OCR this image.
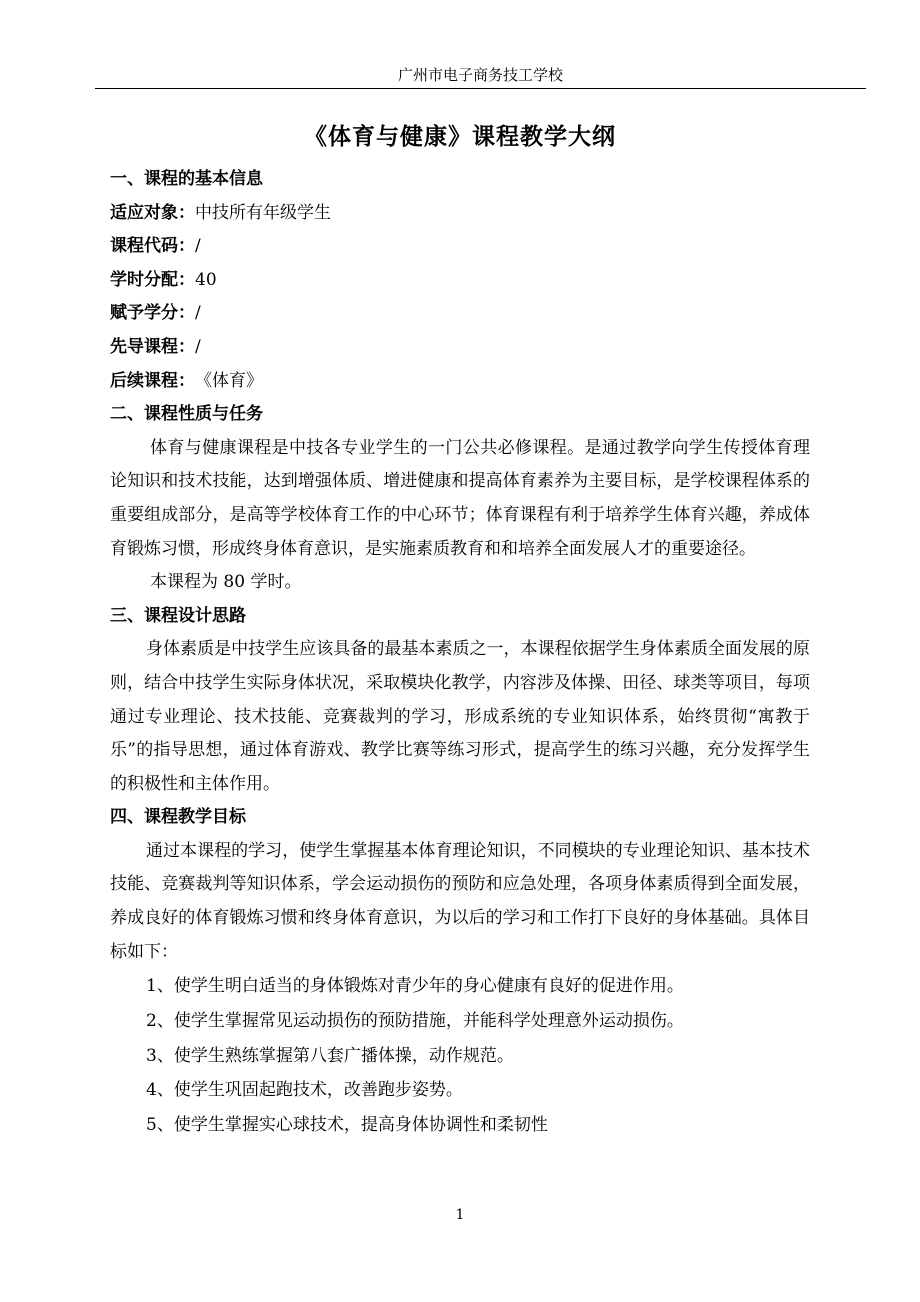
广州市电子商务技工学校
《体育与健康》课程教学大纲
一、课程的基本信息
适应对象：中技所有年级学生
课程代码：/
学时分配：40
赋予学分：/
先导课程：/
后续课程：　《体育》
二、课程性质与任务
体育与健康课程是中技各专业学生的一门公共必修课程。是通过教学向学生传授体育理论知识和技术技能，达到增强体质、增进健康和提高体育素养为主要目标，是学校课程体系的重要组成部分，是高等学校体育工作的中心环节；体育课程有利于培养学生体育兴趣，养成体育锻炼习惯，形成终身体育意识，是实施素质教育和和培养全面发展人才的重要途径。
本课程为 80 学时。
三、课程设计思路
身体素质是中技学生应该具备的最基本素质之一，本课程依据学生身体素质全面发展的原则，结合中技学生实际身体状况，采取模块化教学，内容涉及体操、田径、球类等项目，每项通过专业理论、技术技能、竞赛裁判的学习，形成系统的专业知识体系，始终贯彻“寓教于乐”的指导思想，通过体育游戏、教学比赛等练习形式，提高学生的练习兴趣，充分发挥学生的积极性和主体作用。
四、课程教学目标
通过本课程的学习，使学生掌握基本体育理论知识，不同模块的专业理论知识、基本技术技能、竞赛裁判等知识体系，学会运动损伤的预防和应急处理，各项身体素质得到全面发展，养成良好的体育锻炼习惯和终身体育意识，为以后的学习和工作打下良好的身体基础。具体目标如下：
1、使学生明白适当的身体锻炼对青少年的身心健康有良好的促进作用。
2、使学生掌握常见运动损伤的预防措施，并能科学处理意外运动损伤。
3、使学生熟练掌握第八套广播体操，动作规范。
4、使学生巩固起跑技术，改善跑步姿势。
5、使学生掌握实心球技术，提高身体协调性和柔韧性
1
